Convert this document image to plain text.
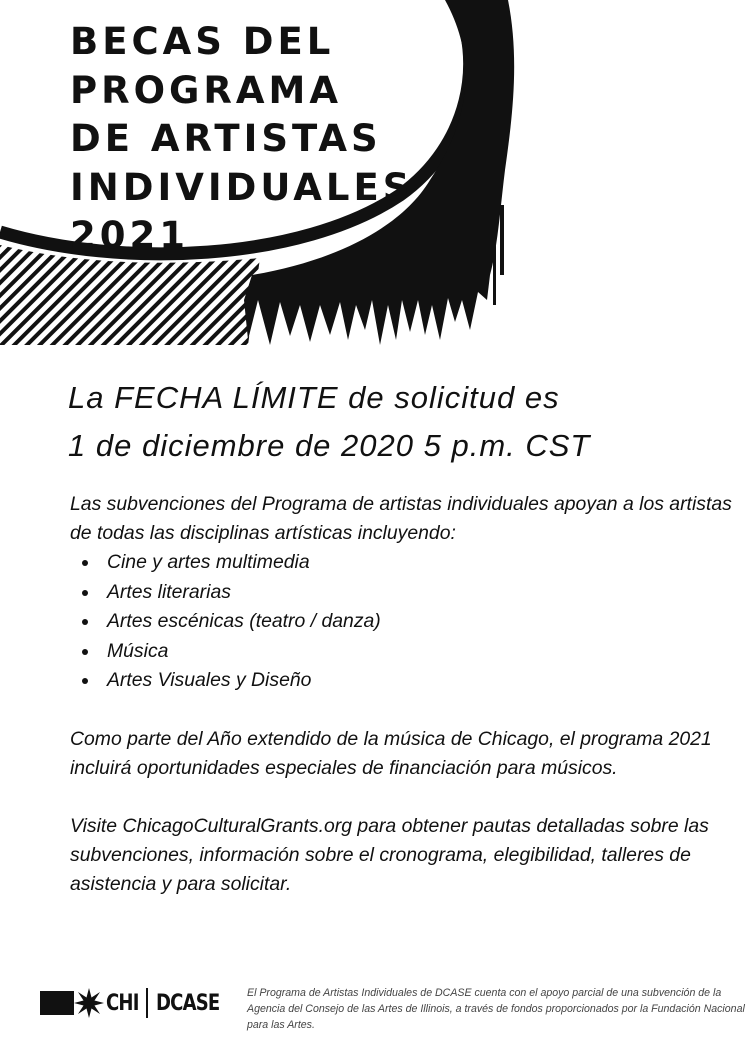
BECAS DEL
PROGRAMA
DE ARTISTAS
INDIVIDUALES
2021
La FECHA LÍMITE de solicitud es
1 de diciembre de 2020 5 p.m. CST

Las subvenciones del Programa de artistas individuales apoyan a los artistas de todas las disciplinas artísticas incluyendo:

Cine y artes multimedia
Artes literarias
Artes escénicas (teatro / danza)
Música
Artes Visuales y Diseño

Como parte del Año extendido de la música de Chicago, el programa 2021 incluirá oportunidades especiales de financiación para músicos.

Visite ChicagoCulturalGrants.org para obtener pautas detalladas sobre las subvenciones, información sobre el cronograma, elegibilidad, talleres de asistencia y para solicitar.

CHI DCASE	El Programa de Artistas Individuales de DCASE cuenta con el apoyo parcial de una subvención de la Agencia del Consejo de las Artes de Illinois, a través de fondos proporcionados por la Fundación Nacional para las Artes.
